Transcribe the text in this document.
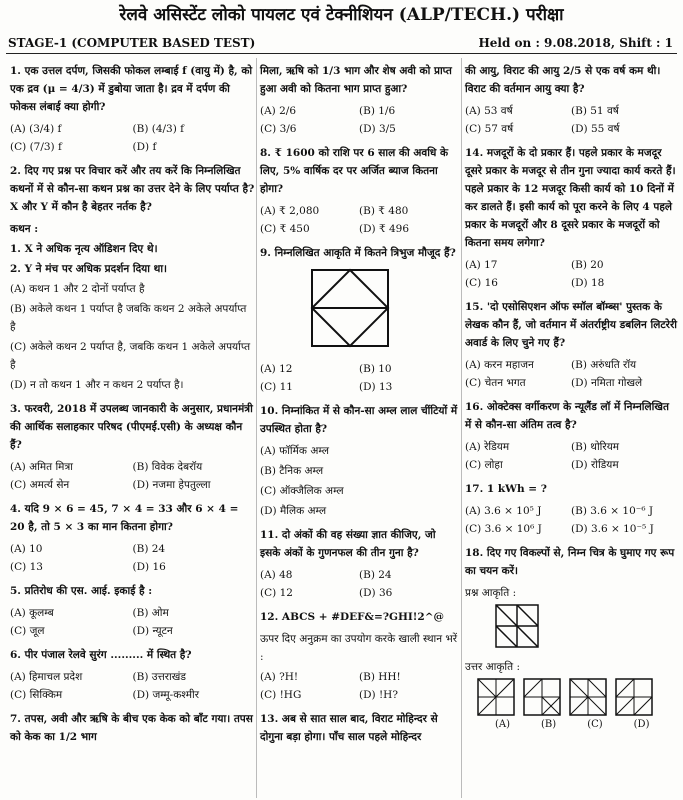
रेलवे असिस्टेंट लोको पायलट एवं टेक्नीशियन (ALP/TECH.) परीक्षा
STAGE-1 (COMPUTER BASED TEST)	Held on : 9.08.2018, Shift : 1
1. एक उत्तल दर्पण, जिसकी फोकल लम्बाई f (वायु में) है, को एक द्रव (μ = 4/3) में डुबोया जाता है। द्रव में दर्पण की फोकस लंबाई क्या होगी?
(A) (3/4) f	(B) (4/3) f
(C) (7/3) f	(D) f
2. दिए गए प्रश्न पर विचार करें और तय करें कि निम्नलिखित कथनों में से कौन-सा कथन प्रश्न का उत्तर देने के लिए पर्याप्त है? X और Y में कौन है बेहतर नर्तक है?
कथन :
1. X ने अधिक नृत्य ऑडिशन दिए थे।
2. Y ने मंच पर अधिक प्रदर्शन दिया था।
(A) कथन 1 और 2 दोनों पर्याप्त है
(B) अकेले कथन 1 पर्याप्त है जबकि कथन 2 अकेले अपर्याप्त है
(C) अकेले कथन 2 पर्याप्त है, जबकि कथन 1 अकेले अपर्याप्त है
(D) न तो कथन 1 और न कथन 2 पर्याप्त है।
3. फरवरी, 2018 में उपलब्ध जानकारी के अनुसार, प्रधानमंत्री की आर्थिक सलाहकार परिषद (पीएमई.एसी) के अध्यक्ष कौन हैं?
(A) अमित मित्रा	(B) विवेक देबरॉय
(C) अमर्त्य सेन	(D) नजमा हेपतुल्ला
4. यदि 9 × 6 = 45, 7 × 4 = 33 और 6 × 4 = 20 है, तो 5 × 3 का मान कितना होगा?
(A) 10	(B) 24
(C) 13	(D) 16
5. प्रतिरोध की एस. आई. इकाई है :
(A) कूलम्ब	(B) ओम
(C) जूल	(D) न्यूटन
6. पीर पंजाल रेलवे सुरंग ......... में स्थित है?
(A) हिमाचल प्रदेश	(B) उत्तराखंड
(C) सिक्किम	(D) जम्मू-कश्मीर
7. तपस, अवी और ऋषि के बीच एक केक को बाँट गया। तपस को केक का 1/2 भाग
मिला, ऋषि को 1/3 भाग और शेष अवी को प्राप्त हुआ अवी को कितना भाग प्राप्त हुआ?
(A) 2/6	(B) 1/6
(C) 3/6	(D) 3/5
8. ₹ 1600 को राशि पर 6 साल की अवधि के लिए, 5% वार्षिक दर पर अर्जित ब्याज कितना होगा?
(A) ₹ 2,080	(B) ₹ 480
(C) ₹ 450	(D) ₹ 496
9. निम्नलिखित आकृति में कितने त्रिभुज मौजूद हैं?
(A) 12	(B) 10
(C) 11	(D) 13
10. निम्नांकित में से कौन-सा अम्ल लाल चींटियों में उपस्थित होता है?
(A) फॉर्मिक अम्ल
(B) टैनिक अम्ल
(C) ऑक्जैलिक अम्ल
(D) मैलिक अम्ल
11. दो अंकों की वह संख्या ज्ञात कीजिए, जो इसके अंकों के गुणनफल की तीन गुना है?
(A) 48	(B) 24
(C) 12	(D) 36
12. ABCS + #DEF&=?GHI!2^@
ऊपर दिए अनुक्रम का उपयोग करके खाली स्थान भरें :
(A) ?H!	(B) HH!
(C) !HG	(D) !H?
13. अब से सात साल बाद, विराट मोहिन्दर से दोगुना बड़ा होगा। पाँच साल पहले मोहिन्दर
की आयु, विराट की आयु 2/5 से एक वर्ष कम थी। विराट की वर्तमान आयु क्या है?
(A) 53 वर्ष	(B) 51 वर्ष
(C) 57 वर्ष	(D) 55 वर्ष
14. मजदूरों के दो प्रकार हैं। पहले प्रकार के मजदूर दूसरे प्रकार के मजदूर से तीन गुना ज्यादा कार्य करते हैं। पहले प्रकार के 12 मजदूर किसी कार्य को 10 दिनों में कर डालते हैं। इसी कार्य को पूरा करने के लिए 4 पहले प्रकार के मजदूरों और 8 दूसरे प्रकार के मजदूरों को कितना समय लगेगा?
(A) 17	(B) 20
(C) 16	(D) 18
15. 'दो एसोसिएशन ऑफ स्मॉल बॉम्ब्स' पुस्तक के लेखक कौन हैं, जो वर्तमान में अंतर्राष्ट्रीय डबलिन लिटरेरी अवार्ड के लिए चुने गए हैं?
(A) करन महाजन	(B) अरुंधति रॉय
(C) चेतन भगत	(D) नमिता गोखले
16. ओक्टेक्स वर्गीकरण के न्यूलैंड लॉ में निम्नलिखित में से कौन-सा अंतिम तत्व है?
(A) रेडियम	(B) थोरियम
(C) लोहा	(D) रोडियम
17. 1 kWh = ?
(A) 3.6 × 10⁵ J	(B) 3.6 × 10⁻⁶ J
(C) 3.6 × 10⁶ J	(D) 3.6 × 10⁻⁵ J
18. दिए गए विकल्पों से, निम्न चित्र के घुमाए गए रूप का चयन करें।
प्रश्न आकृति :
उत्तर आकृति :
(A)	(B)	(C)	(D)
